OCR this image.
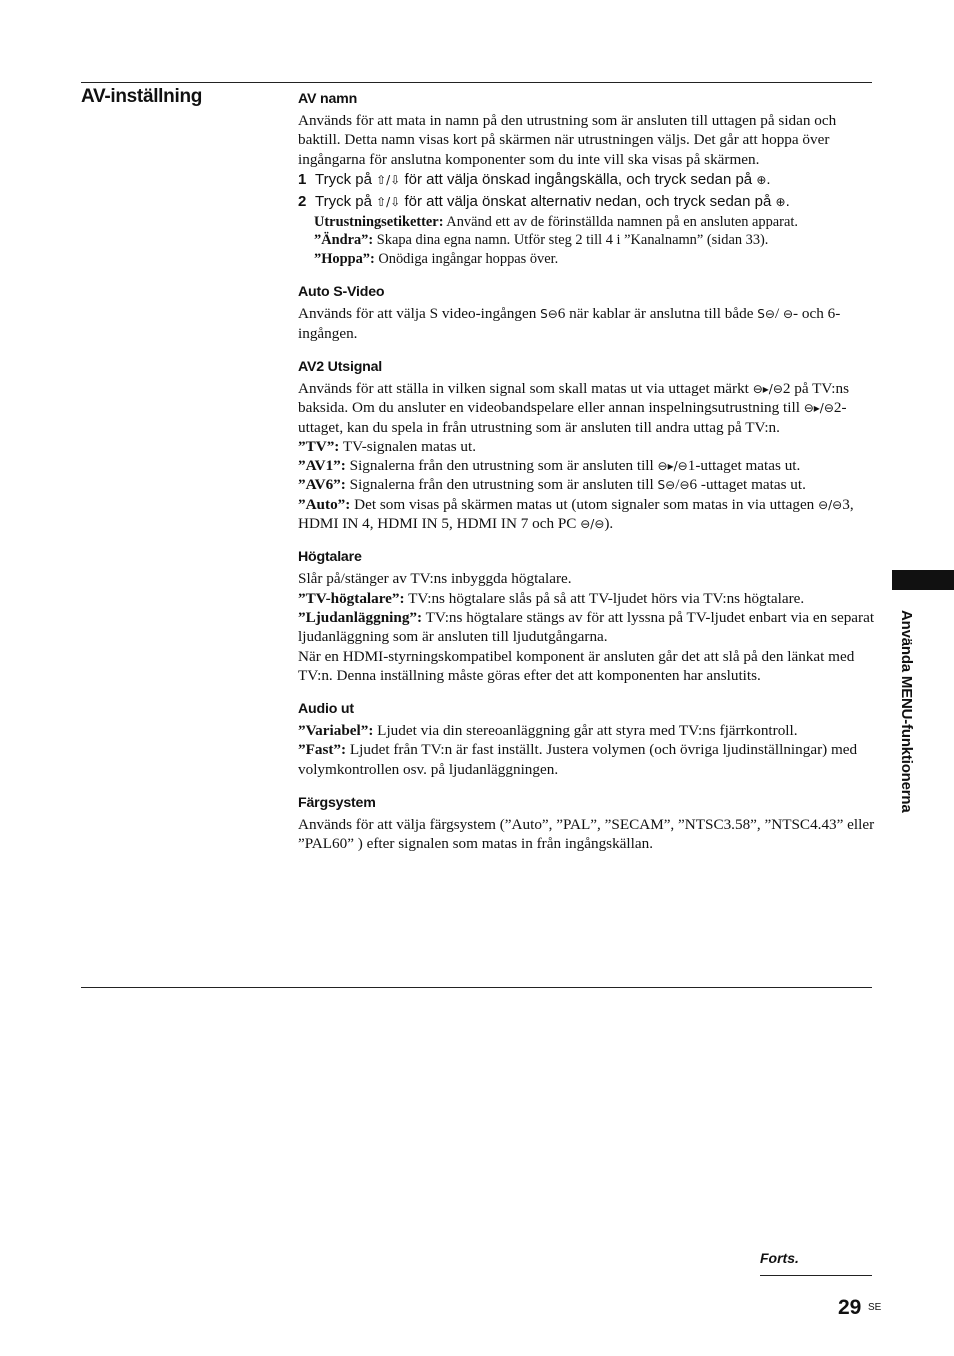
AV-inställning	AV namn

Används för att mata in namn på den utrustning som är ansluten till uttagen på sidan och baktill. Detta namn visas kort på skärmen när utrustningen väljs. Det går att hoppa över ingångarna för anslutna komponenter som du inte vill ska visas på skärmen.

1 Tryck på ⇧/⇩ för att välja önskad ingångskälla, och tryck sedan på ⊕.
2 Tryck på ⇧/⇩ för att välja önskat alternativ nedan, och tryck sedan på ⊕.

Utrustningsetiketter: Använd ett av de förinställda namnen på en ansluten apparat.

”Ändra”: Skapa dina egna namn. Utför steg 2 till 4 i ”Kanalnamn” (sidan 33).

”Hoppa”: Onödiga ingångar hoppas över.

Auto S-Video

Används för att välja S video-ingången S⊖6 när kablar är anslutna till både S⊖/ ⊖- och 6-ingången.

AV2 Utsignal

Används för att ställa in vilken signal som skall matas ut via uttaget märkt ⊖▸/⊖2 på TV:ns baksida. Om du ansluter en videobandspelare eller annan inspelningsutrustning till ⊖▸/⊖2-uttaget, kan du spela in från utrustning som är ansluten till andra uttag på TV:n.

”TV”: TV-signalen matas ut.

”AV1”: Signalerna från den utrustning som är ansluten till ⊖▸/⊖1-uttaget matas ut.

”AV6”: Signalerna från den utrustning som är ansluten till S⊖/⊖6 -uttaget matas ut.

”Auto”: Det som visas på skärmen matas ut (utom signaler som matas in via uttagen ⊖/⊖3, HDMI IN 4, HDMI IN 5, HDMI IN 7 och PC ⊖/⊖).

Högtalare

Slår på/stänger av TV:ns inbyggda högtalare.

”TV-högtalare”: TV:ns högtalare slås på så att TV-ljudet hörs via TV:ns högtalare.

”Ljudanläggning”: TV:ns högtalare stängs av för att lyssna på TV-ljudet enbart via en separat ljudanläggning som är ansluten till ljudutgångarna.

När en HDMI-styrningskompatibel komponent är ansluten går det att slå på den länkat med TV:n. Denna inställning måste göras efter det att komponenten har anslutits.

Audio ut

”Variabel”: Ljudet via din stereoanläggning går att styra med TV:ns fjärrkontroll.

”Fast”: Ljudet från TV:n är fast inställt. Justera volymen (och övriga ljudinställningar) med volymkontrollen osv. på ljudanläggningen.

Färgsystem

Används för att välja färgsystem (”Auto”, ”PAL”, ”SECAM”, ”NTSC3.58”, ”NTSC4.43” eller ”PAL60” ) efter signalen som matas in från ingångskällan.

Använda MENU-funktionerna
Forts.
29 SE
